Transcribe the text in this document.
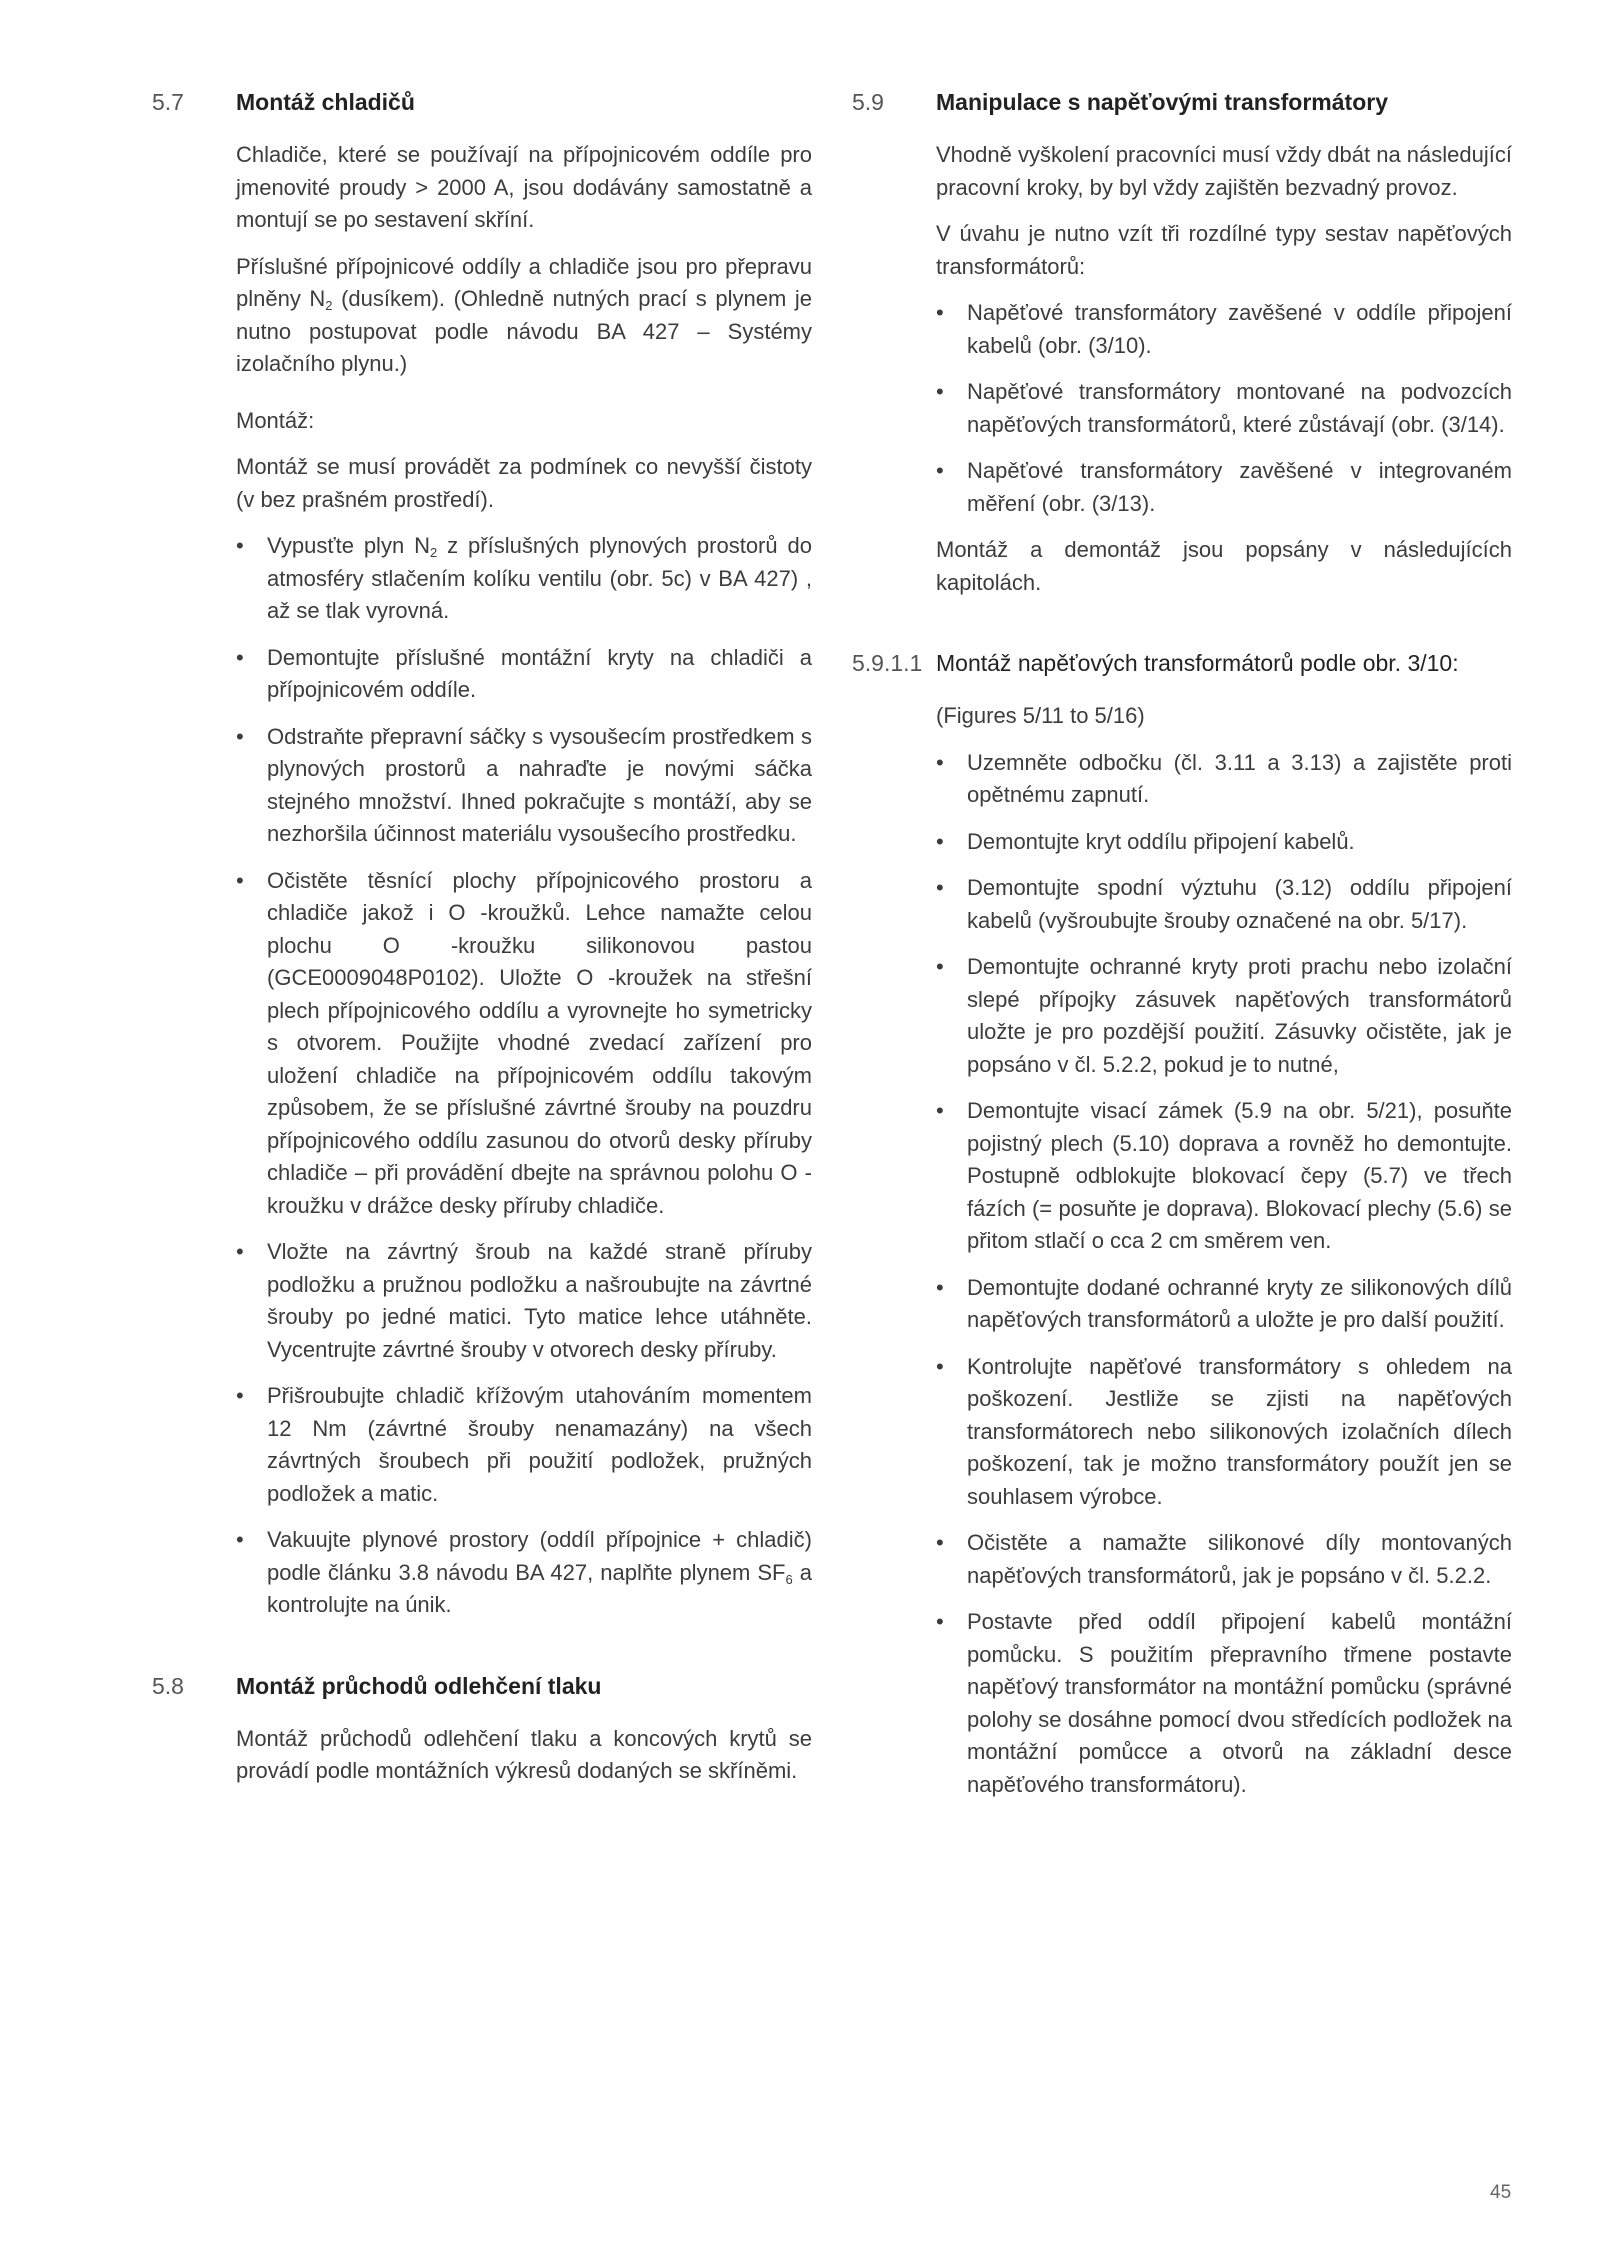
5.7	Montáž chladičů

Chladiče, které se používají na přípojnicovém oddíle pro jmenovité proudy > 2000 A, jsou dodávány samostatně a montují se po sestavení skříní.

Příslušné přípojnicové oddíly a chladiče jsou pro přepravu plněny $N_2$ (dusíkem). (Ohledně nutných prací s plynem je nutno postupovat podle návodu BA 427 – Systémy izolačního plynu.)

Montáž:

Montáž se musí provádět za podmínek co nevyšší čistoty (v bez prašném prostředí).

• Vypusťte plyn $N_2$ z příslušných plynových prostorů do atmosféry stlačením kolíku ventilu (obr. 5c) v BA 427) , až se tlak vyrovná.
• Demontujte příslušné montážní kryty na chladiči a přípojnicovém oddíle.
• Odstraňte přepravní sáčky s vysoušecím prostředkem s plynových prostorů a nahraďte je novými sáčka stejného množství. Ihned pokračujte s montáží, aby se nezhoršila účinnost materiálu vysoušecího prostředku.
• Očistěte těsnící plochy přípojnicového prostoru a chladiče jakož i O -kroužků. Lehce namažte celou plochu O -kroužku silikonovou pastou (GCE0009048P0102). Uložte O -kroužek na střešní plech přípojnicového oddílu a vyrovnejte ho symetricky s otvorem. Použijte vhodné zvedací zařízení pro uložení chladiče na přípojnicovém oddílu takovým způsobem, že se příslušné závrtné šrouby na pouzdru přípojnicového oddílu zasunou do otvorů desky příruby chladiče – při provádění dbejte na správnou polohu O -kroužku v drážce desky příruby chladiče.
• Vložte na závrtný šroub na každé straně příruby podložku a pružnou podložku a našroubujte na závrtné šrouby po jedné matici. Tyto matice lehce utáhněte. Vycentrujte závrtné šrouby v otvorech desky příruby.
• Přišroubujte chladič křížovým utahováním momentem 12 Nm (závrtné šrouby nenamazány) na všech závrtných šroubech při použití podložek, pružných podložek a matic.
• Vakuujte plynové prostory (oddíl přípojnice + chladič) podle článku 3.8 návodu BA 427, naplňte plynem $SF_6$ a kontrolujte na únik.
5.8	Montáž průchodů odlehčení tlaku

Montáž průchodů odlehčení tlaku a koncových krytů se provádí podle montážních výkresů dodaných se skříněmi.

5.9	Manipulace s napěťovými transformátory

Vhodně vyškolení pracovníci musí vždy dbát na následující pracovní kroky, by byl vždy zajištěn bezvadný provoz.

V úvahu je nutno vzít tři rozdílné typy sestav napěťových transformátorů:

• Napěťové transformátory zavěšené v oddíle připojení kabelů (obr. (3/10).
• Napěťové transformátory montované na podvozcích napěťových transformátorů, které zůstávají (obr. (3/14).
• Napěťové transformátory zavěšené v integrovaném měření (obr. (3/13).

Montáž a demontáž jsou popsány v následujících kapitolách.

5.9.1.1 Montáž napěťových transformátorů podle obr. 3/10:

(Figures 5/11 to 5/16)

• Uzemněte odbočku (čl. 3.11 a 3.13) a zajistěte proti opětnému zapnutí.
• Demontujte kryt oddílu připojení kabelů.
• Demontujte spodní výztuhu (3.12) oddílu připojení kabelů (vyšroubujte šrouby označené na obr. 5/17).
• Demontujte ochranné kryty proti prachu nebo izolační slepé přípojky zásuvek napěťových transformátorů uložte je pro pozdější použití. Zásuvky očistěte, jak je popsáno v čl. 5.2.2, pokud je to nutné,
• Demontujte visací zámek (5.9 na obr. 5/21), posuňte pojistný plech (5.10) doprava a rovněž ho demontujte. Postupně odblokujte blokovací čepy (5.7) ve třech fázích (= posuňte je doprava). Blokovací plechy (5.6) se přitom stlačí o cca 2 cm směrem ven.
• Demontujte dodané ochranné kryty ze silikonových dílů napěťových transformátorů a uložte je pro další použití.
• Kontrolujte napěťové transformátory s ohledem na poškození. Jestliže se zjisti na napěťových transformátorech nebo silikonových izolačních dílech poškození, tak je možno transformátory použít jen se souhlasem výrobce.
• Očistěte a namažte silikonové díly montovaných napěťových transformátorů, jak je popsáno v čl. 5.2.2.
• Postavte před oddíl připojení kabelů montážní pomůcku. S použitím přepravního třmene postavte napěťový transformátor na montážní pomůcku (správné polohy se dosáhne pomocí dvou středících podložek na montážní pomůcce a otvorů na základní desce napěťového transformátoru).
45
